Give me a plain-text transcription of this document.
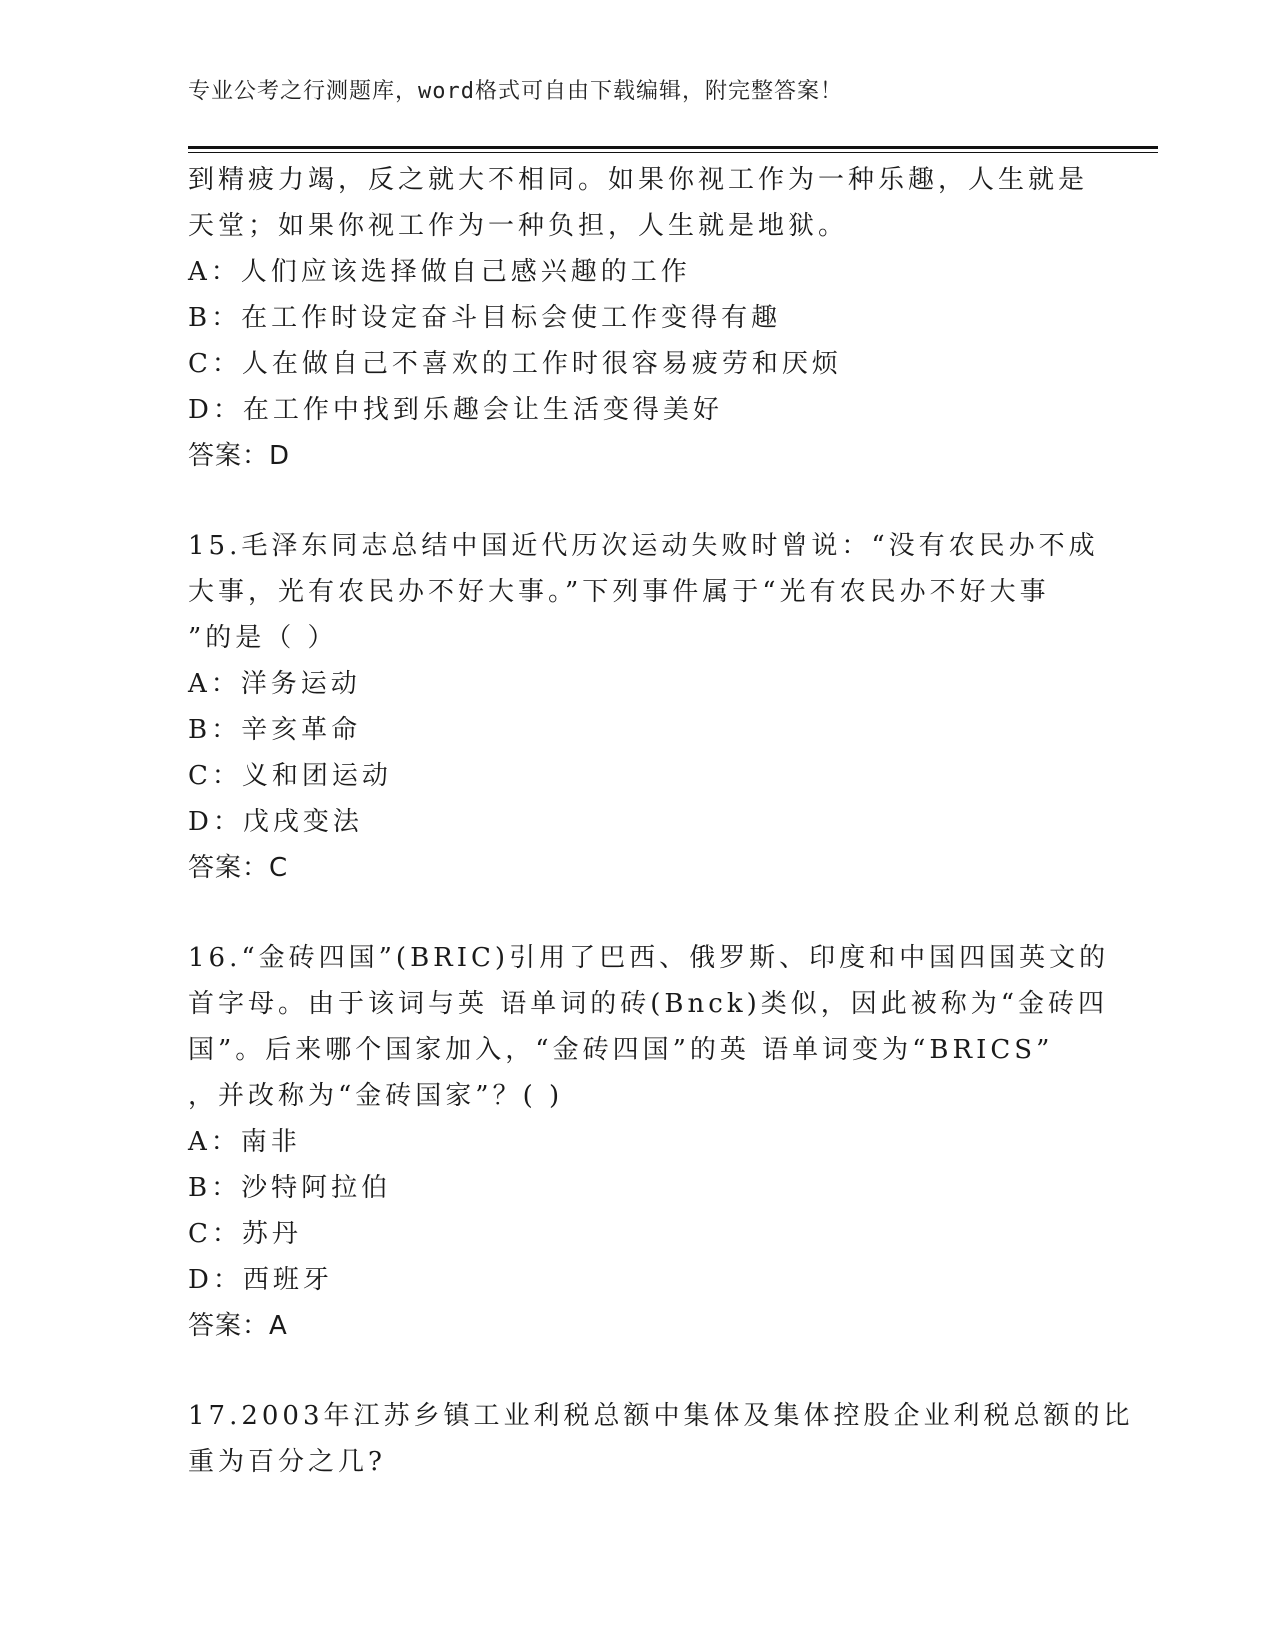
专业公考之行测题库，word格式可自由下载编辑，附完整答案！
到精疲力竭，反之就大不相同。如果你视工作为一种乐趣，人生就是
天堂；如果你视工作为一种负担，人生就是地狱。
A：人们应该选择做自己感兴趣的工作
B：在工作时设定奋斗目标会使工作变得有趣
C：人在做自己不喜欢的工作时很容易疲劳和厌烦
D：在工作中找到乐趣会让生活变得美好
答案：D
15.毛泽东同志总结中国近代历次运动失败时曾说：“没有农民办不成
大事，光有农民办不好大事。”下列事件属于“光有农民办不好大事
”的是（ ）
A：洋务运动
B：辛亥革命
C：义和团运动
D：戊戌变法
答案：C
16.“金砖四国”(BRIC)引用了巴西、俄罗斯、印度和中国四国英文的
首字母。由于该词与英 语单词的砖(Bnck)类似，因此被称为“金砖四
国”。后来哪个国家加入，“金砖四国”的英 语单词变为“BRICS”
，并改称为“金砖国家”？( )
A：南非
B：沙特阿拉伯
C：苏丹
D：西班牙
答案：A
17.2003年江苏乡镇工业利税总额中集体及集体控股企业利税总额的比
重为百分之几?
